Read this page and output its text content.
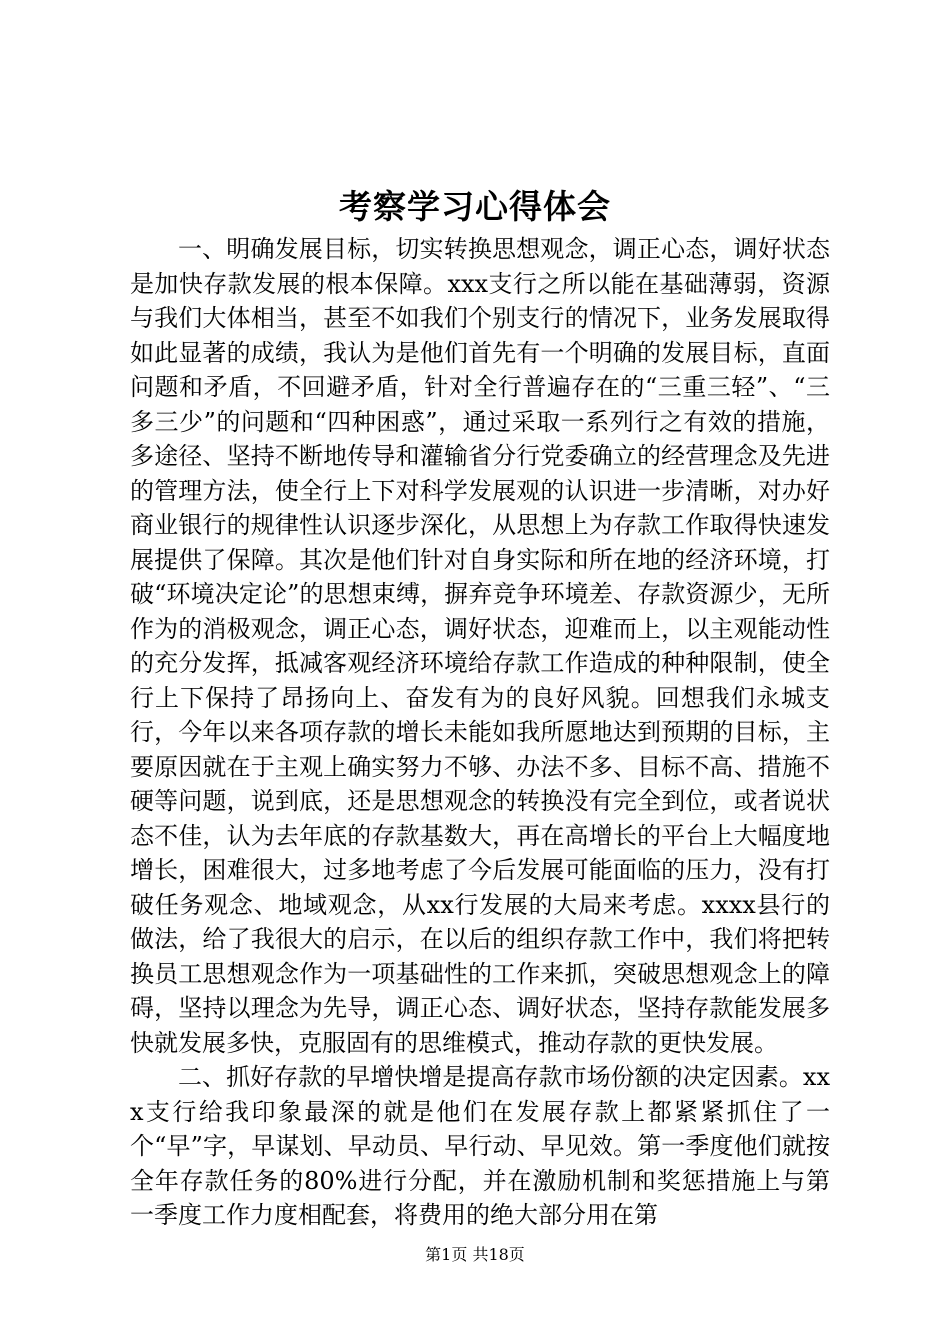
考察学习心得体会

一、明确发展目标，切实转换思想观念，调正心态，调好状态是加快存款发展的根本保障。xxx支行之所以能在基础薄弱，资源与我们大体相当，甚至不如我们个别支行的情况下，业务发展取得如此显著的成绩，我认为是他们首先有一个明确的发展目标，直面问题和矛盾，不回避矛盾，针对全行普遍存在的“三重三轻”、“三多三少”的问题和“四种困惑”，通过采取一系列行之有效的措施，多途径、坚持不断地传导和灌输省分行党委确立的经营理念及先进的管理方法，使全行上下对科学发展观的认识进一步清晰，对办好商业银行的规律性认识逐步深化，从思想上为存款工作取得快速发展提供了保障。其次是他们针对自身实际和所在地的经济环境，打破“环境决定论”的思想束缚，摒弃竞争环境差、存款资源少，无所作为的消极观念，调正心态，调好状态，迎难而上，以主观能动性的充分发挥，抵减客观经济环境给存款工作造成的种种限制，使全行上下保持了昂扬向上、奋发有为的良好风貌。回想我们永城支行，今年以来各项存款的增长未能如我所愿地达到预期的目标，主要原因就在于主观上确实努力不够、办法不多、目标不高、措施不硬等问题，说到底，还是思想观念的转换没有完全到位，或者说状态不佳，认为去年底的存款基数大，再在高增长的平台上大幅度地增长，困难很大，过多地考虑了今后发展可能面临的压力，没有打破任务观念、地域观念，从xx行发展的大局来考虑。xxxx县行的做法，给了我很大的启示，在以后的组织存款工作中，我们将把转换员工思想观念作为一项基础性的工作来抓，突破思想观念上的障碍，坚持以理念为先导，调正心态、调好状态，坚持存款能发展多快就发展多快，克服固有的思维模式，推动存款的更快发展。

二、抓好存款的早增快增是提高存款市场份额的决定因素。xxx支行给我印象最深的就是他们在发展存款上都紧紧抓住了一个“早”字，早谋划、早动员、早行动、早见效。第一季度他们就按全年存款任务的80%进行分配，并在激励机制和奖惩措施上与第一季度工作力度相配套，将费用的绝大部分用在第

第1页 共18页
